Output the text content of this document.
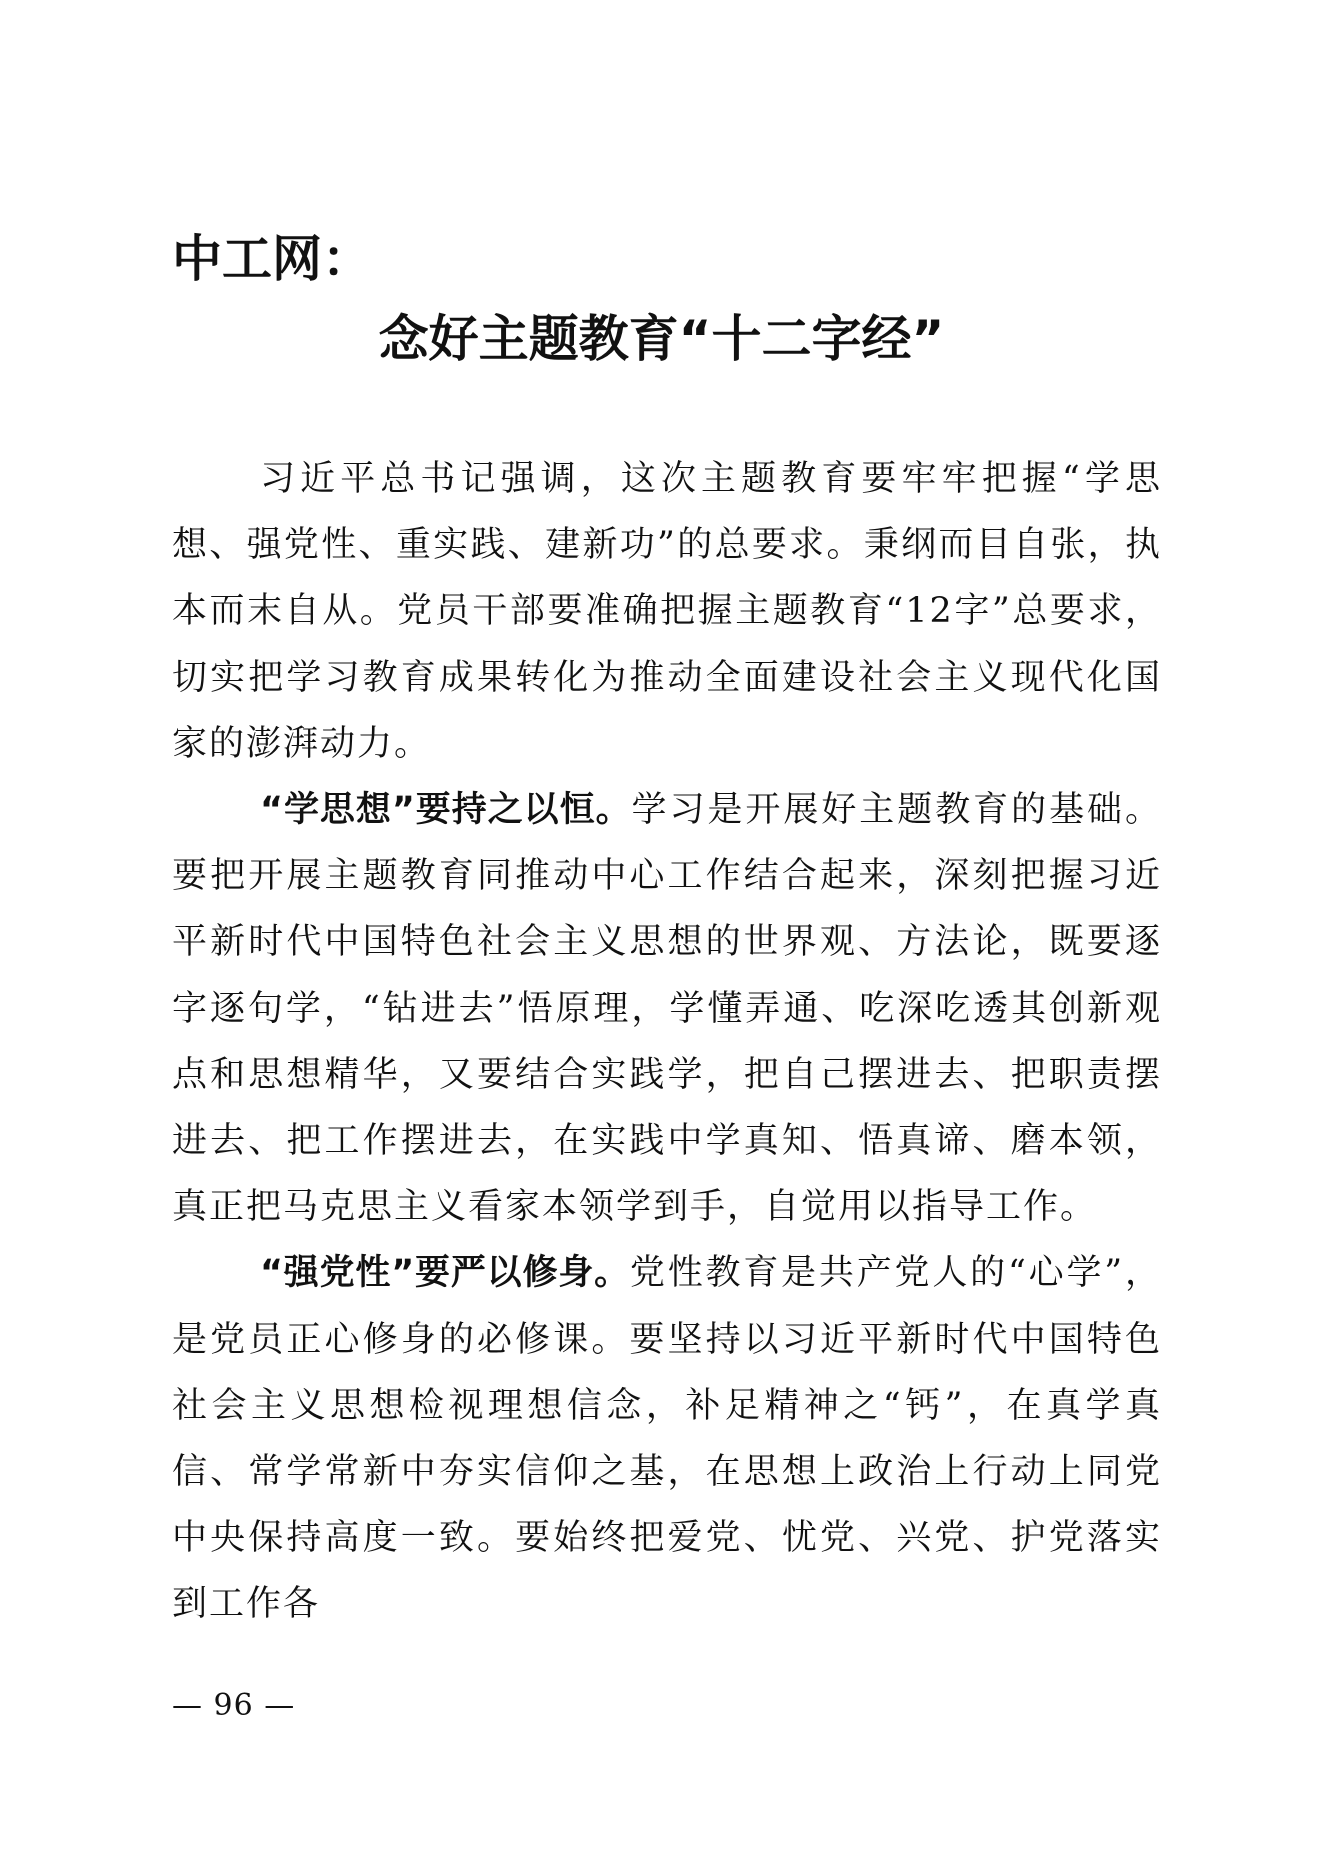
中工网：
念好主题教育“十二字经”

习近平总书记强调，这次主题教育要牢牢把握“学思想、强党性、重实践、建新功”的总要求。秉纲而目自张，执本而末自从。党员干部要准确把握主题教育“12字”总要求，切实把学习教育成果转化为推动全面建设社会主义现代化国家的澎湃动力。

“学思想”要持之以恒。学习是开展好主题教育的基础。要把开展主题教育同推动中心工作结合起来，深刻把握习近平新时代中国特色社会主义思想的世界观、方法论，既要逐字逐句学，“钻进去”悟原理，学懂弄通、吃深吃透其创新观点和思想精华，又要结合实践学，把自己摆进去、把职责摆进去、把工作摆进去，在实践中学真知、悟真谛、磨本领，真正把马克思主义看家本领学到手，自觉用以指导工作。

“强党性”要严以修身。党性教育是共产党人的“心学”，是党员正心修身的必修课。要坚持以习近平新时代中国特色社会主义思想检视理想信念，补足精神之“钙”，在真学真信、常学常新中夯实信仰之基，在思想上政治上行动上同党中央保持高度一致。要始终把爱党、忧党、兴党、护党落实到工作各

— 96 —
